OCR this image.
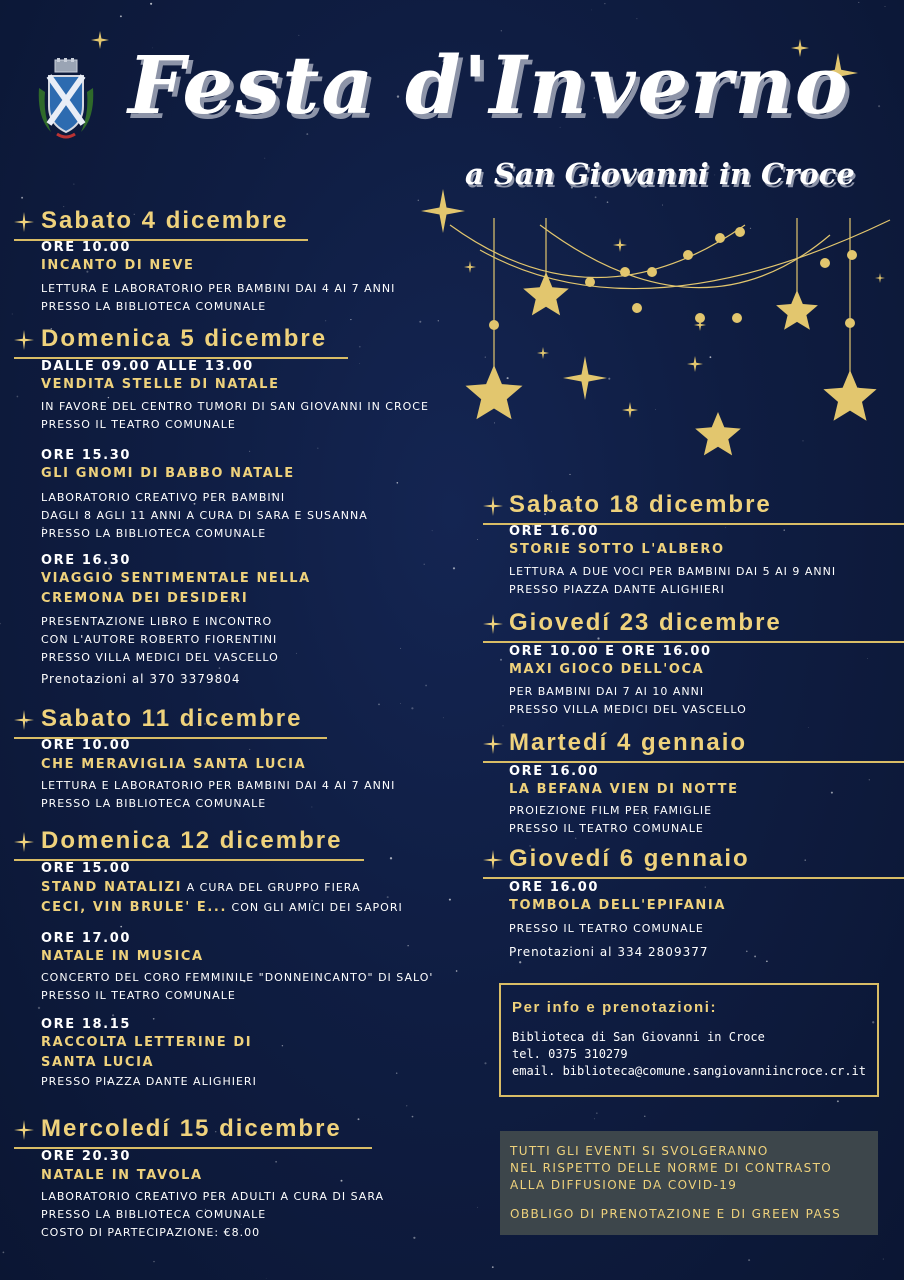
Festa d'Inverno
a San Giovanni in Croce
Sabato 4 dicembre
ORE 10.00
INCANTO DI NEVE
LETTURA E LABORATORIO PER BAMBINI DAI 4 AI 7 ANNI
PRESSO LA BIBLIOTECA COMUNALE
Domenica 5 dicembre
DALLE 09.00 ALLE 13.00
VENDITA STELLE DI NATALE
IN FAVORE DEL CENTRO TUMORI DI SAN GIOVANNI IN CROCE
PRESSO IL TEATRO COMUNALE
ORE 15.30
GLI GNOMI DI BABBO NATALE
LABORATORIO CREATIVO PER BAMBINI
DAGLI 8 AGLI 11 ANNI A CURA DI SARA E SUSANNA
PRESSO LA BIBLIOTECA COMUNALE
ORE 16.30
VIAGGIO SENTIMENTALE NELLA
CREMONA DEI DESIDERI
PRESENTAZIONE LIBRO E INCONTRO
CON L'AUTORE ROBERTO FIORENTINI
PRESSO VILLA MEDICI DEL VASCELLO
Prenotazioni al 370 3379804
Sabato 11 dicembre
ORE 10.00
CHE MERAVIGLIA SANTA LUCIA
LETTURA E LABORATORIO PER BAMBINI DAI 4 AI 7 ANNI
PRESSO LA BIBLIOTECA COMUNALE
Domenica 12 dicembre
ORE 15.00
STAND NATALIZI A CURA DEL GRUPPO FIERA
CECI, VIN BRULE' E... CON GLI AMICI DEI SAPORI
ORE 17.00
NATALE IN MUSICA
CONCERTO DEL CORO FEMMINILE "DONNEINCANTO" DI SALO'
PRESSO IL TEATRO COMUNALE
ORE 18.15
RACCOLTA LETTERINE DI
SANTA LUCIA
PRESSO PIAZZA DANTE ALIGHIERI
Mercoledí 15 dicembre
ORE 20.30
NATALE IN TAVOLA
LABORATORIO CREATIVO PER ADULTI A CURA DI SARA
PRESSO LA BIBLIOTECA COMUNALE
COSTO DI PARTECIPAZIONE: €8.00
Sabato 18 dicembre
ORE 16.00
STORIE SOTTO L'ALBERO
LETTURA A DUE VOCI PER BAMBINI DAI 5 AI 9 ANNI
PRESSO PIAZZA DANTE ALIGHIERI
Giovedí 23 dicembre
ORE 10.00 E ORE 16.00
MAXI GIOCO DELL'OCA
PER BAMBINI DAI 7 AI 10 ANNI
PRESSO VILLA MEDICI DEL VASCELLO
Martedí 4 gennaio
ORE 16.00
LA BEFANA VIEN DI NOTTE
PROIEZIONE FILM PER FAMIGLIE
PRESSO IL TEATRO COMUNALE
Giovedí 6 gennaio
ORE 16.00
TOMBOLA DELL'EPIFANIA
PRESSO IL TEATRO COMUNALE
Prenotazioni al 334 2809377
Per info e prenotazioni:
Biblioteca di San Giovanni in Croce
tel. 0375 310279
email. biblioteca@comune.sangiovanniincroce.cr.it
TUTTI GLI EVENTI SI SVOLGERANNO
NEL RISPETTO DELLE NORME DI CONTRASTO
ALLA DIFFUSIONE DA COVID-19
OBBLIGO DI PRENOTAZIONE E DI GREEN PASS
